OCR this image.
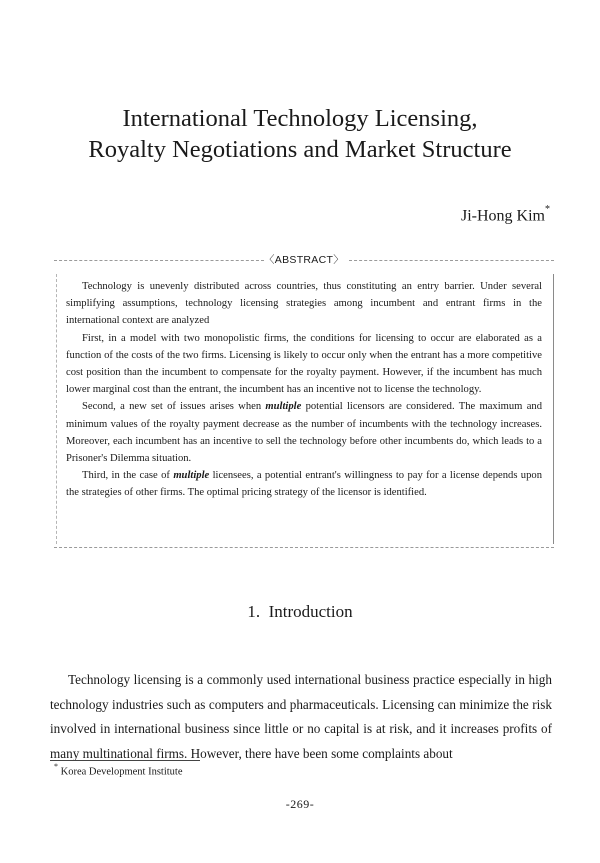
International Technology Licensing,
Royalty Negotiations and Market Structure
Ji-Hong Kim*
〈ABSTRACT〉

Technology is unevenly distributed across countries, thus constituting an entry barrier. Under several simplifying assumptions, technology licensing strategies among incumbent and entrant firms in the international context are analyzed

First, in a model with two monopolistic firms, the conditions for licensing to occur are elaborated as a function of the costs of the two firms. Licensing is likely to occur only when the entrant has a more competitive cost position than the incumbent to compensate for the royalty payment. However, if the incumbent has much lower marginal cost than the entrant, the incumbent has an incentive not to license the technology.

Second, a new set of issues arises when multiple potential licensors are considered. The maximum and minimum values of the royalty payment decrease as the number of incumbents with the technology increases. Moreover, each incumbent has an incentive to sell the technology before other incumbents do, which leads to a Prisoner's Dilemma situation.

Third, in the case of multiple licensees, a potential entrant's willingness to pay for a license depends upon the strategies of other firms. The optimal pricing strategy of the licensor is identified.

1. Introduction

Technology licensing is a commonly used international business practice especially in high technology industries such as computers and pharmaceuticals. Licensing can minimize the risk involved in international business since little or no capital is at risk, and it increases profits of many multinational firms. However, there have been some complaints about

* Korea Development Institute
-269-
